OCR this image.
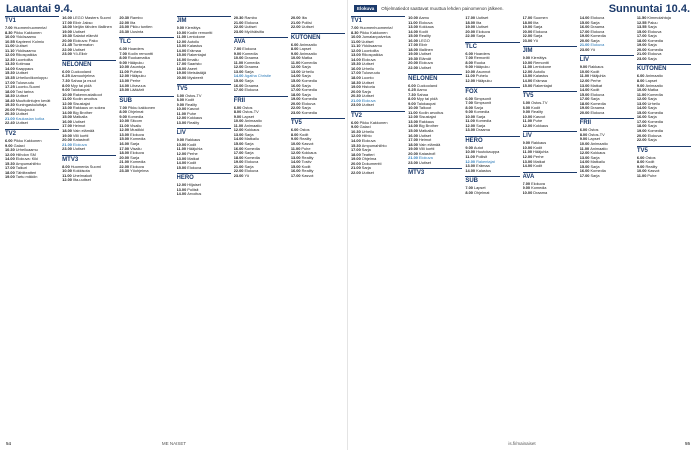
Lauantai 9.4.
TV1
7.00Huomenhuomenta!
8.30Pikku Kakkonen
10.00Ykkösaamu
10.55Kapteeni Kolmio
11.00Uutiset
11.10Ykkösaamu
12.00Rikospaikka
12.30Luontoilta
13.30Kotimaa
14.00Kaappaus
15.30Uutiset
15.35Urheiluviikonloppu
17.00Tulosruutu
17.25Luonto-Suomi
18.00Tosi tarina
18.30Uutiset
18.40Muuttolintujen kevät
19.30Kuningaskuluttaja
20.00Pikkujoulut
20.30Uutiset
21.00Kaukasian kotka
22.40Uutiset
TV2
6.00Pikku Kakkonen
9.00Galaxi
10.30Urheiluaamu
12.00Hiihdon SM
14.00Elokuva: Kiki
15.30Ampumahiihto
17.00Taikuri
18.00Tähtiteatteri
19.00Tartu mikkiin
16.00LEGO Masters Suomi
17.00Elixir Jakso
18.00Neljän tähden illallinen
19.00Uutiset
19.30Salatut elämät
20.00Elokuva: Pako
21.45Tuntematon
22.00Uutiset
23.00Yö-Elixir
NELONEN
6.00Cuckooland
6.25Aamuohjelma
7.30Sahaa ja muut
8.00Myy tai pidä
9.00Talokaupat
10.00Rakennustalkoot
11.00Kodin arvoitus
12.00Sisustajat
13.00Rakkaus on sokea
14.00Big Brother
15.00Matkalla
16.00Uutiset
17.00Heimot
18.00Vain elämää
19.00Villi kortti
20.00Katastrofi
21.00Elokuva
23.00Uutiset
MTV3
8.00Huomenta Suomi
10.00Kokkisota
11.00Unelmakoti
12.00Ilta-uutiset
20.30Rambo
22.00Ilta
23.00Pikku tuntien
23.30Uusinta
TLC
6.00Hoarders
7.00Kodin remontti
8.00Ruokamatka
9.00Hääpuku
10.00Asuntoja
11.00Puhelu
12.00Hääpuku
13.00Perhe
14.00Lihavuus
15.00Lääkärit
SUB
7.00Pikku kakkonen
8.00Ohjelmat
9.00Komedia
10.00Sitcom
11.00Visailu
12.00Musiikki
13.00Elokuva
15.00Komedia
16.00Sarja
17.00Visailu
18.00Elokuva
20.00Sarja
21.00Komedia
22.00Elokuva
23.30Yöohjelma
JIM
9.00Kierrätys
10.00Kodin remontti
11.00Lentokone
12.00Autoilu
13.00Kalastus
14.00Erämaa
15.00Rakentajat
16.00Ilmailu
17.00Saaristo
18.00Aseet
19.00Metsästäjä
20.00Mysteerit
TV5
6.00Ostos-TV
8.00Kodit
9.00Reality
10.00Kasvot
11.00Puhe
12.00Kokkaus
13.00Reality
LIV
9.00Rakkaus
10.00Kodit
11.00Hääjuhla
12.00Perhe
13.00Matkat
14.00Kodit
15.00Elokuva
HERO
12.00Hiljaiset
13.00Poliisit
14.00Arvoitus
20.30Rambo
21.00Elokuva
22.00Uutiset
23.00Myöhäisilta
AVA
7.00Elokuva
9.00Komedia
10.00Draama
11.00Komedia
12.00Draama
13.00Sarja
14.00Agatha Christie
15.00Sarja
16.00Draama
17.00Elokuva
FRII
6.00Ostos
8.00Ostos-TV
9.00Lapset
10.00Animaatio
11.00Animaatio
12.00Kokkaus
13.00Sarja
14.00Matkailu
15.00Sarja
16.00Komedia
17.00Sarja
18.00Komedia
19.00Elokuva
21.00Sarja
22.00Elokuva
23.00Yö
20.00Ilta
21.00Poliisi
22.00Uutiset
KUTONEN
6.00Animaatio
8.00Lapset
9.00Animaatio
10.00Matka
11.00Komedia
12.00Sarja
13.00Urheilu
14.00Sarja
15.00Komedia
16.00Sarja
17.00Komedia
18.00Sarja
19.00Komedia
20.00Elokuva
22.00Sarja
23.00Komedia
TV5
6.00Ostos
8.00Kodit
9.00Reality
10.00Kasvot
11.00Puhe
12.00Kokkaus
13.00Reality
14.00Tositv
15.00Kodit
16.00Reality
17.00Kasvot
54	ME NAISET
Elokuva	Ohjelmatiedot saattavat muuttua lehden painomenon jälkeen.	Sunnuntai 10.4.
TV1
7.00Huomenhuomenta!
8.30Pikku Kakkonen
10.00Jumalanpalvelus
11.00Uutiset
11.10Ykkösaamu
12.00Luontoilta
13.00Rikospaikka
14.00Elokuva
15.30Uutiset
16.00Urheilu
17.00Tulosruutu
18.00Luonto
18.30Uutiset
19.00Historia
20.00Sarja
20.30Uutiset
21.00Elokuva
23.00Uutiset
TV2
6.00Pikku Kakkonen
9.00Galaxi
10.30Urheilu
12.00Hiihto
14.00Elokuva
15.30Ampumahiihto
17.00Sarja
18.00Teatteri
19.00Ohjelma
20.00Dokumentti
21.00Sarja
22.00Uutiset
10.00Aamu
11.00Elokuva
13.00Kokkaus
14.00Kodit
15.00Reality
16.00LEGO
17.00Elixir
18.00Illallinen
19.00Uutiset
19.30Elämät
20.00Elokuva
22.00Uutiset
NELONEN
6.00Cuckooland
6.25Aamu
7.30Sahaa
8.00Myy tai pidä
9.00Talokaupat
10.00Talkoot
11.00Kodin arvoitus
12.00Sisustajat
13.00Rakkaus
14.00Big Brother
15.00Matkalla
16.00Uutiset
17.00Heimot
18.00Vain elämää
19.00Villi kortti
20.00Katastrofi
21.00Elokuva
23.00Uutiset
MTV3
17.00Uutiset
18.00Ilta
19.00Uutiset
20.00Elokuva
22.00Sarja
TLC
6.00Hoarders
7.00Remontti
8.00Ruoka
9.00Hääpuku
10.00Asunnot
11.00Puhelu
12.00Hääpuku
FOX
6.00Simpsonit
7.00Simpsonit
8.00Sarja
9.00Komedia
10.00Sarja
11.00Komedia
12.00Sarja
13.00Draama
HERO
9.00Autot
10.00Huutokauppa
11.00Poliisit
12.00Rakentajat
13.00Erämaa
14.00Kalastus
SUB
7.00Lapset
8.00Ohjelmat
17.00Suomen
18.00Ilta
19.00Sarja
20.00Elokuva
22.00Sarja
23.00Yö
JIM
9.00Kierrätys
10.00Remontti
11.00Lentokone
12.00Autoilu
13.00Kalastus
14.00Erämaa
15.00Rakentajat
TV5
6.00Ostos-TV
8.00Kodit
9.00Reality
10.00Kasvot
11.00Puhe
12.00Kokkaus
LIV
9.00Rakkaus
10.00Kodit
11.00Hääjuhla
12.00Perhe
13.00Matkat
14.00Kodit
AVA
7.00Elokuva
9.00Komedia
10.00Draama
14.00Elokuva
15.00Sarja
16.00Draama
17.00Elokuva
19.00Komedia
20.00Sarja
21.00Elokuva
23.00Yö
LIV
9.00Rakkaus
10.00Kodit
11.00Hääjuhla
12.00Perhe
13.00Matkat
14.00Kodit
15.00Elokuva
17.00Sarja
18.00Komedia
19.00Draama
20.00Elokuva
FRII
6.00Ostos
8.00Ostos-TV
9.00Lapset
10.00Animaatio
11.00Animaatio
12.00Kokkaus
13.00Sarja
14.00Matkailu
15.00Sarja
16.00Komedia
17.00Sarja
11.50Kimmolahtoja
12.55Paluu
13.55Sarja
15.00Elokuva
17.00Sarja
18.00Komedia
19.00Sarja
20.00Komedia
21.00Elokuva
23.00Sarja
KUTONEN
6.00Animaatio
8.00Lapset
9.00Animaatio
10.00Matka
11.00Komedia
12.00Sarja
13.00Urheilu
14.00Sarja
15.00Komedia
16.00Sarja
17.00Komedia
18.00Sarja
19.00Komedia
20.00Elokuva
22.00Sarja
TV5
6.00Ostos
8.00Kodit
9.00Reality
10.00Kasvot
11.00Puhe
is.fi/mainaiset	55
